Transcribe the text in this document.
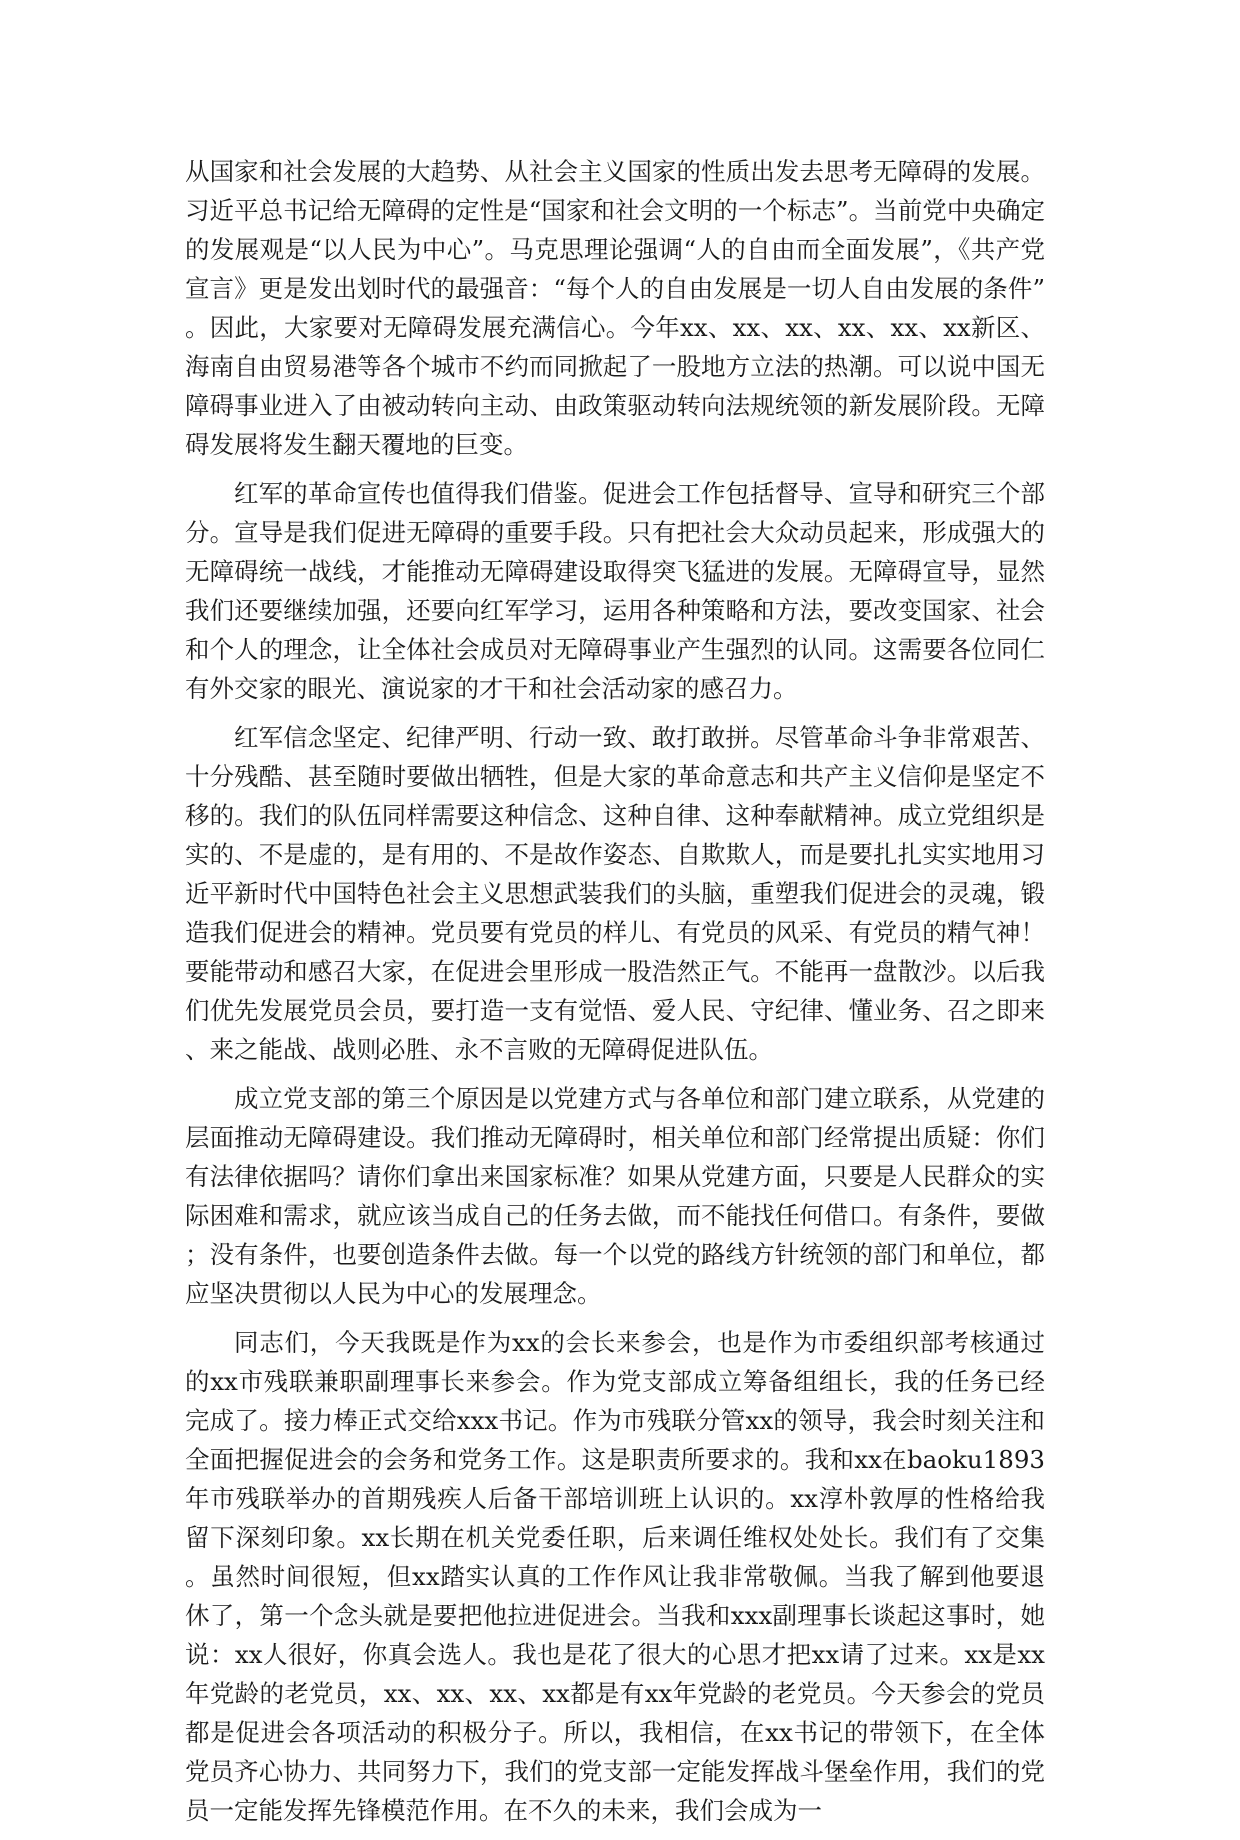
从国家和社会发展的大趋势、从社会主义国家的性质出发去思考无障碍的发展。习近平总书记给无障碍的定性是“国家和社会文明的一个标志”。当前党中央确定的发展观是“以人民为中心”。马克思理论强调“人的自由而全面发展”，《共产党宣言》更是发出划时代的最强音：“每个人的自由发展是一切人自由发展的条件”。因此，大家要对无障碍发展充满信心。今年xx、xx、xx、xx、xx、xx新区、海南自由贸易港等各个城市不约而同掀起了一股地方立法的热潮。可以说中国无障碍事业进入了由被动转向主动、由政策驱动转向法规统领的新发展阶段。无障碍发展将发生翻天覆地的巨变。

红军的革命宣传也值得我们借鉴。促进会工作包括督导、宣导和研究三个部分。宣导是我们促进无障碍的重要手段。只有把社会大众动员起来，形成强大的无障碍统一战线，才能推动无障碍建设取得突飞猛进的发展。无障碍宣导，显然我们还要继续加强，还要向红军学习，运用各种策略和方法，要改变国家、社会和个人的理念，让全体社会成员对无障碍事业产生强烈的认同。这需要各位同仁有外交家的眼光、演说家的才干和社会活动家的感召力。

红军信念坚定、纪律严明、行动一致、敢打敢拼。尽管革命斗争非常艰苦、十分残酷、甚至随时要做出牺牲，但是大家的革命意志和共产主义信仰是坚定不移的。我们的队伍同样需要这种信念、这种自律、这种奉献精神。成立党组织是实的、不是虚的，是有用的、不是故作姿态、自欺欺人，而是要扎扎实实地用习近平新时代中国特色社会主义思想武装我们的头脑，重塑我们促进会的灵魂，锻造我们促进会的精神。党员要有党员的样儿、有党员的风采、有党员的精气神！要能带动和感召大家，在促进会里形成一股浩然正气。不能再一盘散沙。以后我们优先发展党员会员，要打造一支有觉悟、爱人民、守纪律、懂业务、召之即来、来之能战、战则必胜、永不言败的无障碍促进队伍。

成立党支部的第三个原因是以党建方式与各单位和部门建立联系，从党建的层面推动无障碍建设。我们推动无障碍时，相关单位和部门经常提出质疑：你们有法律依据吗？请你们拿出来国家标准？如果从党建方面，只要是人民群众的实际困难和需求，就应该当成自己的任务去做，而不能找任何借口。有条件，要做；没有条件，也要创造条件去做。每一个以党的路线方针统领的部门和单位，都应坚决贯彻以人民为中心的发展理念。

同志们，今天我既是作为xx的会长来参会，也是作为市委组织部考核通过的xx市残联兼职副理事长来参会。作为党支部成立筹备组组长，我的任务已经完成了。接力棒正式交给xxx书记。作为市残联分管xx的领导，我会时刻关注和全面把握促进会的会务和党务工作。这是职责所要求的。我和xx在baoku1893年市残联举办的首期残疾人后备干部培训班上认识的。xx淳朴敦厚的性格给我留下深刻印象。xx长期在机关党委任职，后来调任维权处处长。我们有了交集。虽然时间很短，但xx踏实认真的工作作风让我非常敬佩。当我了解到他要退休了，第一个念头就是要把他拉进促进会。当我和xxx副理事长谈起这事时，她说：xx人很好，你真会选人。我也是花了很大的心思才把xx请了过来。xx是xx年党龄的老党员，xx、xx、xx、xx都是有xx年党龄的老党员。今天参会的党员都是促进会各项活动的积极分子。所以，我相信，在xx书记的带领下，在全体党员齐心协力、共同努力下，我们的党支部一定能发挥战斗堡垒作用，我们的党员一定能发挥先锋模范作用。在不久的未来，我们会成为一
